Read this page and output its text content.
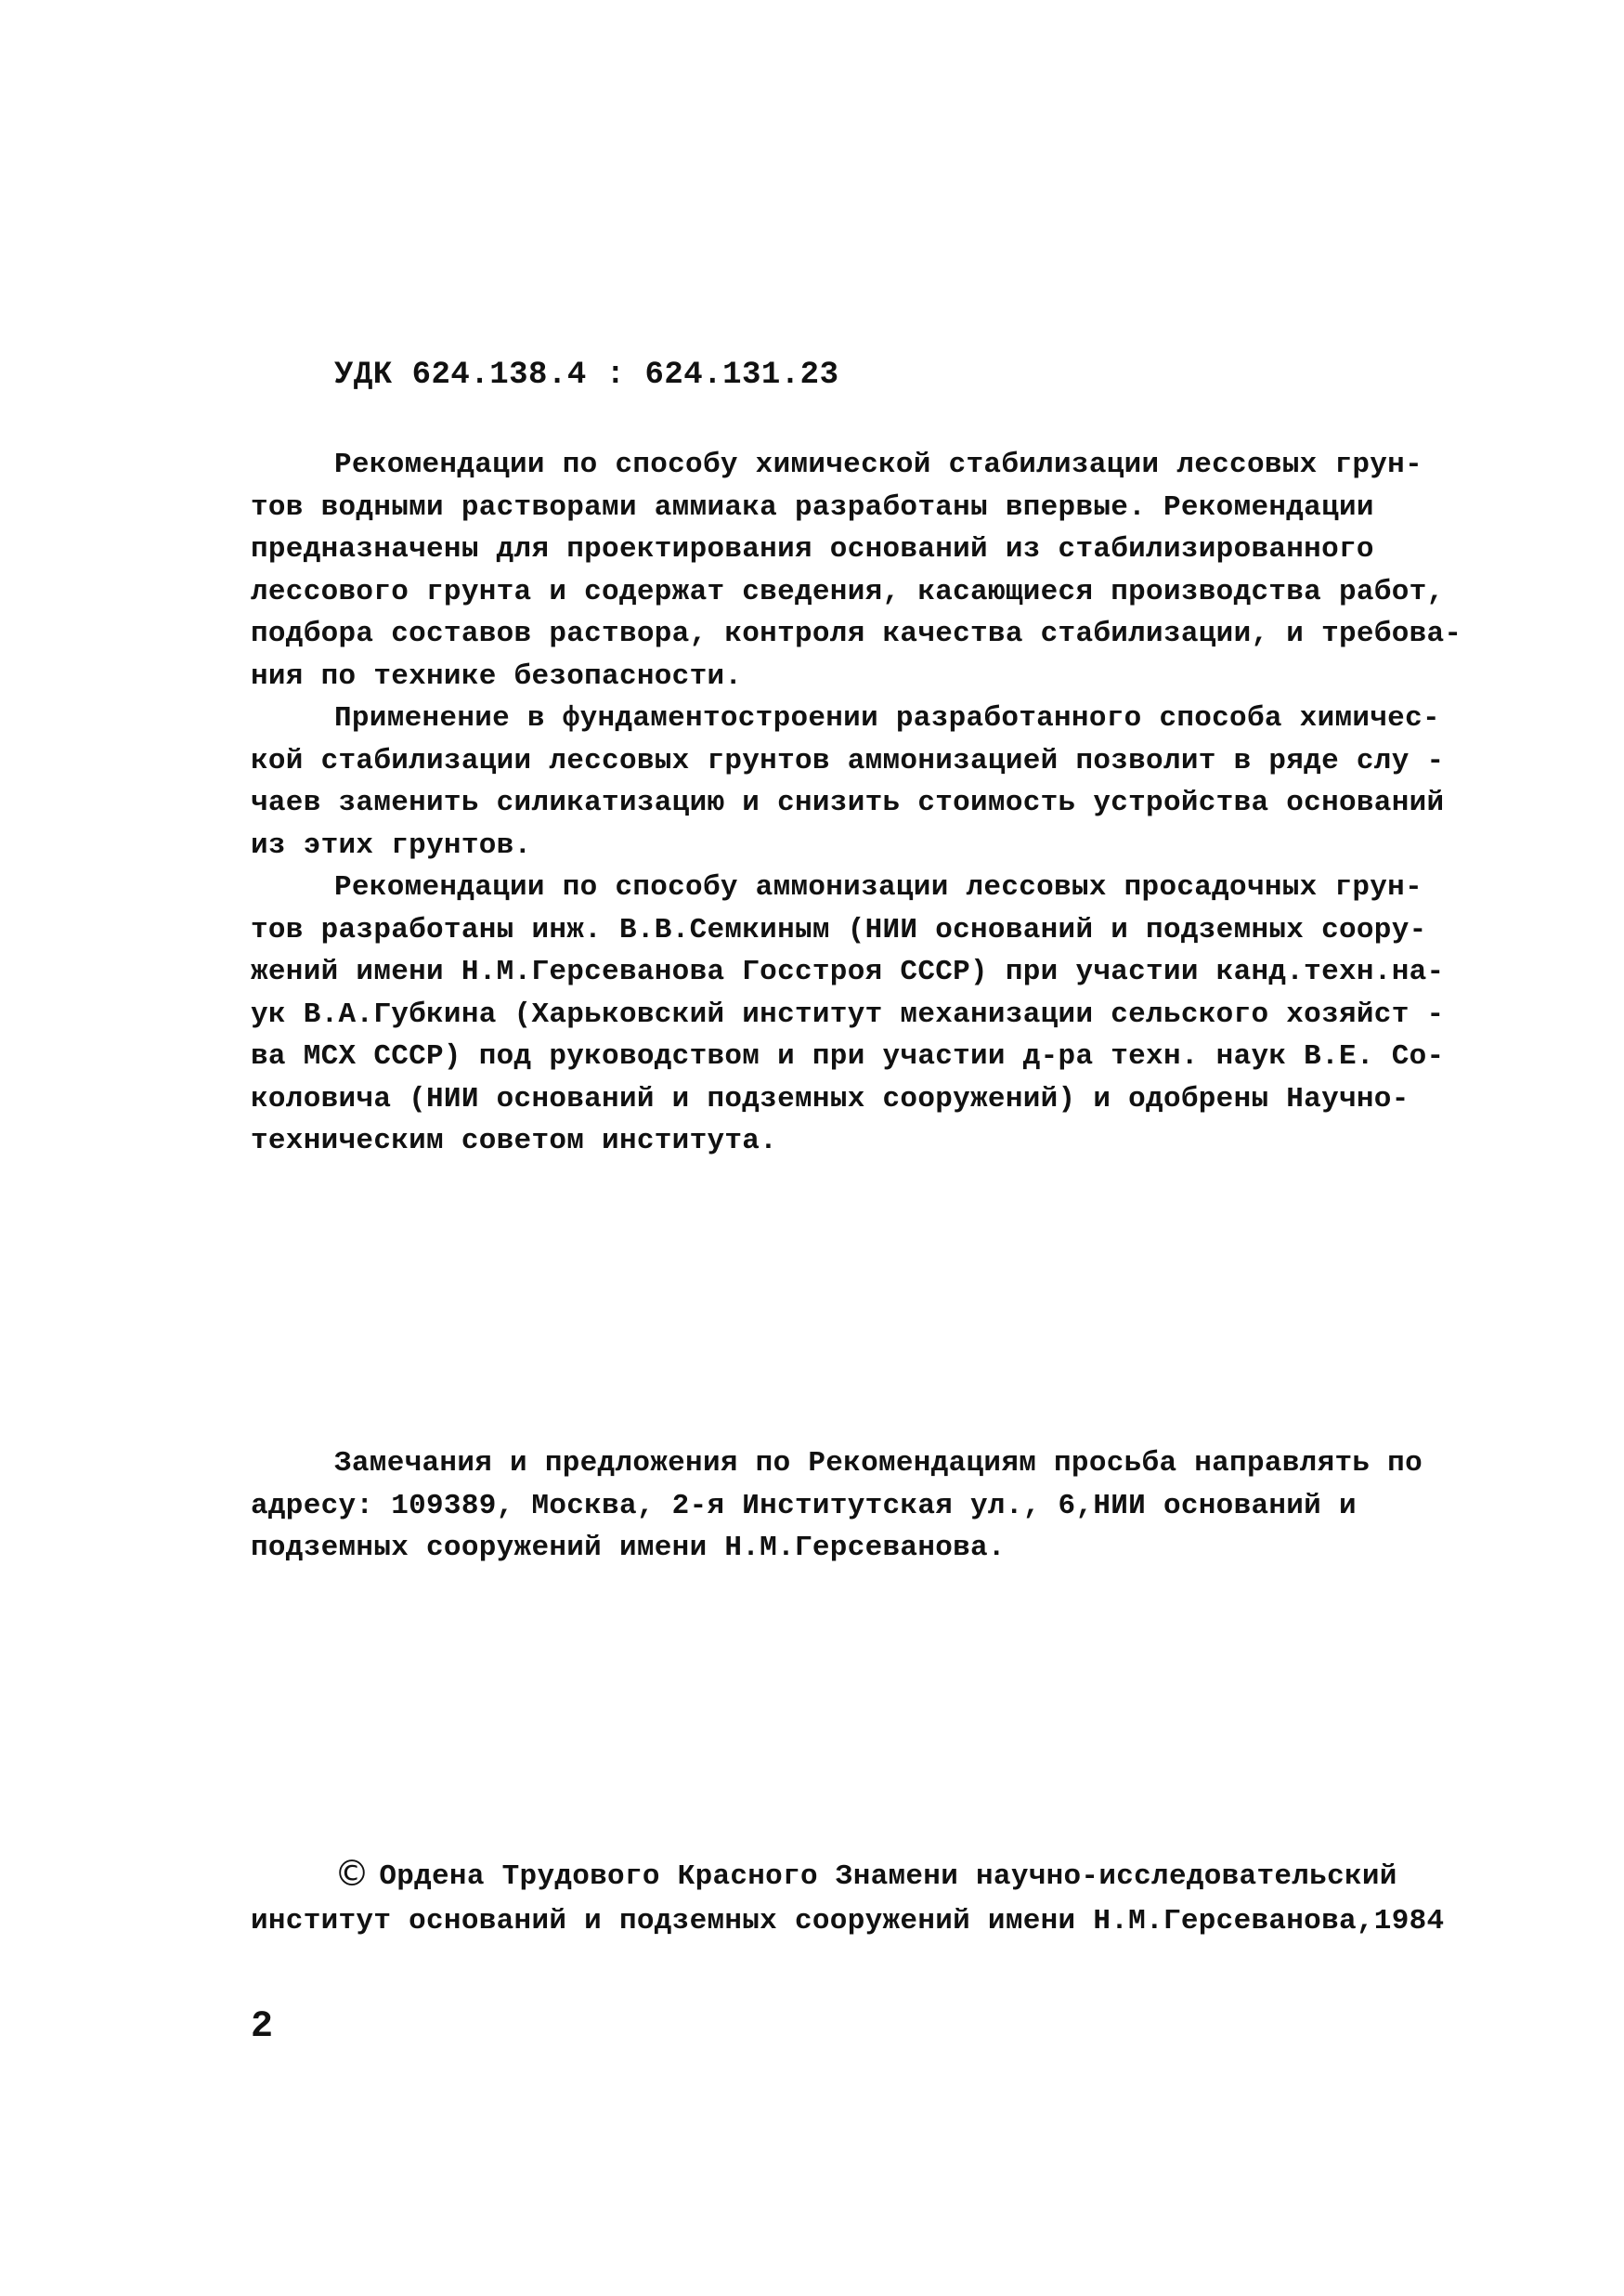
УДК 624.138.4 : 624.131.23
Рекомендации по способу химической стабилизации лессовых грун-
тов водными растворами аммиака разработаны впервые. Рекомендации
предназначены для проектирования оснований из стабилизированного
лессового грунта и содержат сведения, касающиеся производства работ,
подбора составов раствора, контроля качества стабилизации, и требова-
ния по технике безопасности.
Применение в фундаментостроении разработанного способа химичес-
кой стабилизации лессовых грунтов аммонизацией позволит в ряде слу -
чаев заменить силикатизацию и снизить стоимость устройства оснований
из этих грунтов.
Рекомендации по способу аммонизации лессовых просадочных грун-
тов разработаны инж. В.В.Семкиным (НИИ оснований и подземных соору-
жений имени Н.М.Герсеванова Госстроя СССР) при участии канд.техн.на-
ук В.А.Губкина (Харьковский институт механизации сельского хозяйст -
ва МСХ СССР) под руководством и при участии д-ра техн. наук В.Е. Со-
коловича (НИИ оснований и подземных сооружений) и одобрены Научно-
техническим советом института.
Замечания и предложения по Рекомендациям просьба направлять по
адресу: 109389, Москва, 2-я Институтская ул., 6,НИИ оснований и
подземных сооружений имени Н.М.Герсеванова.
© Ордена Трудового Красного Знамени научно-исследовательский
институт оснований и подземных сооружений имени Н.М.Герсеванова,1984
2
